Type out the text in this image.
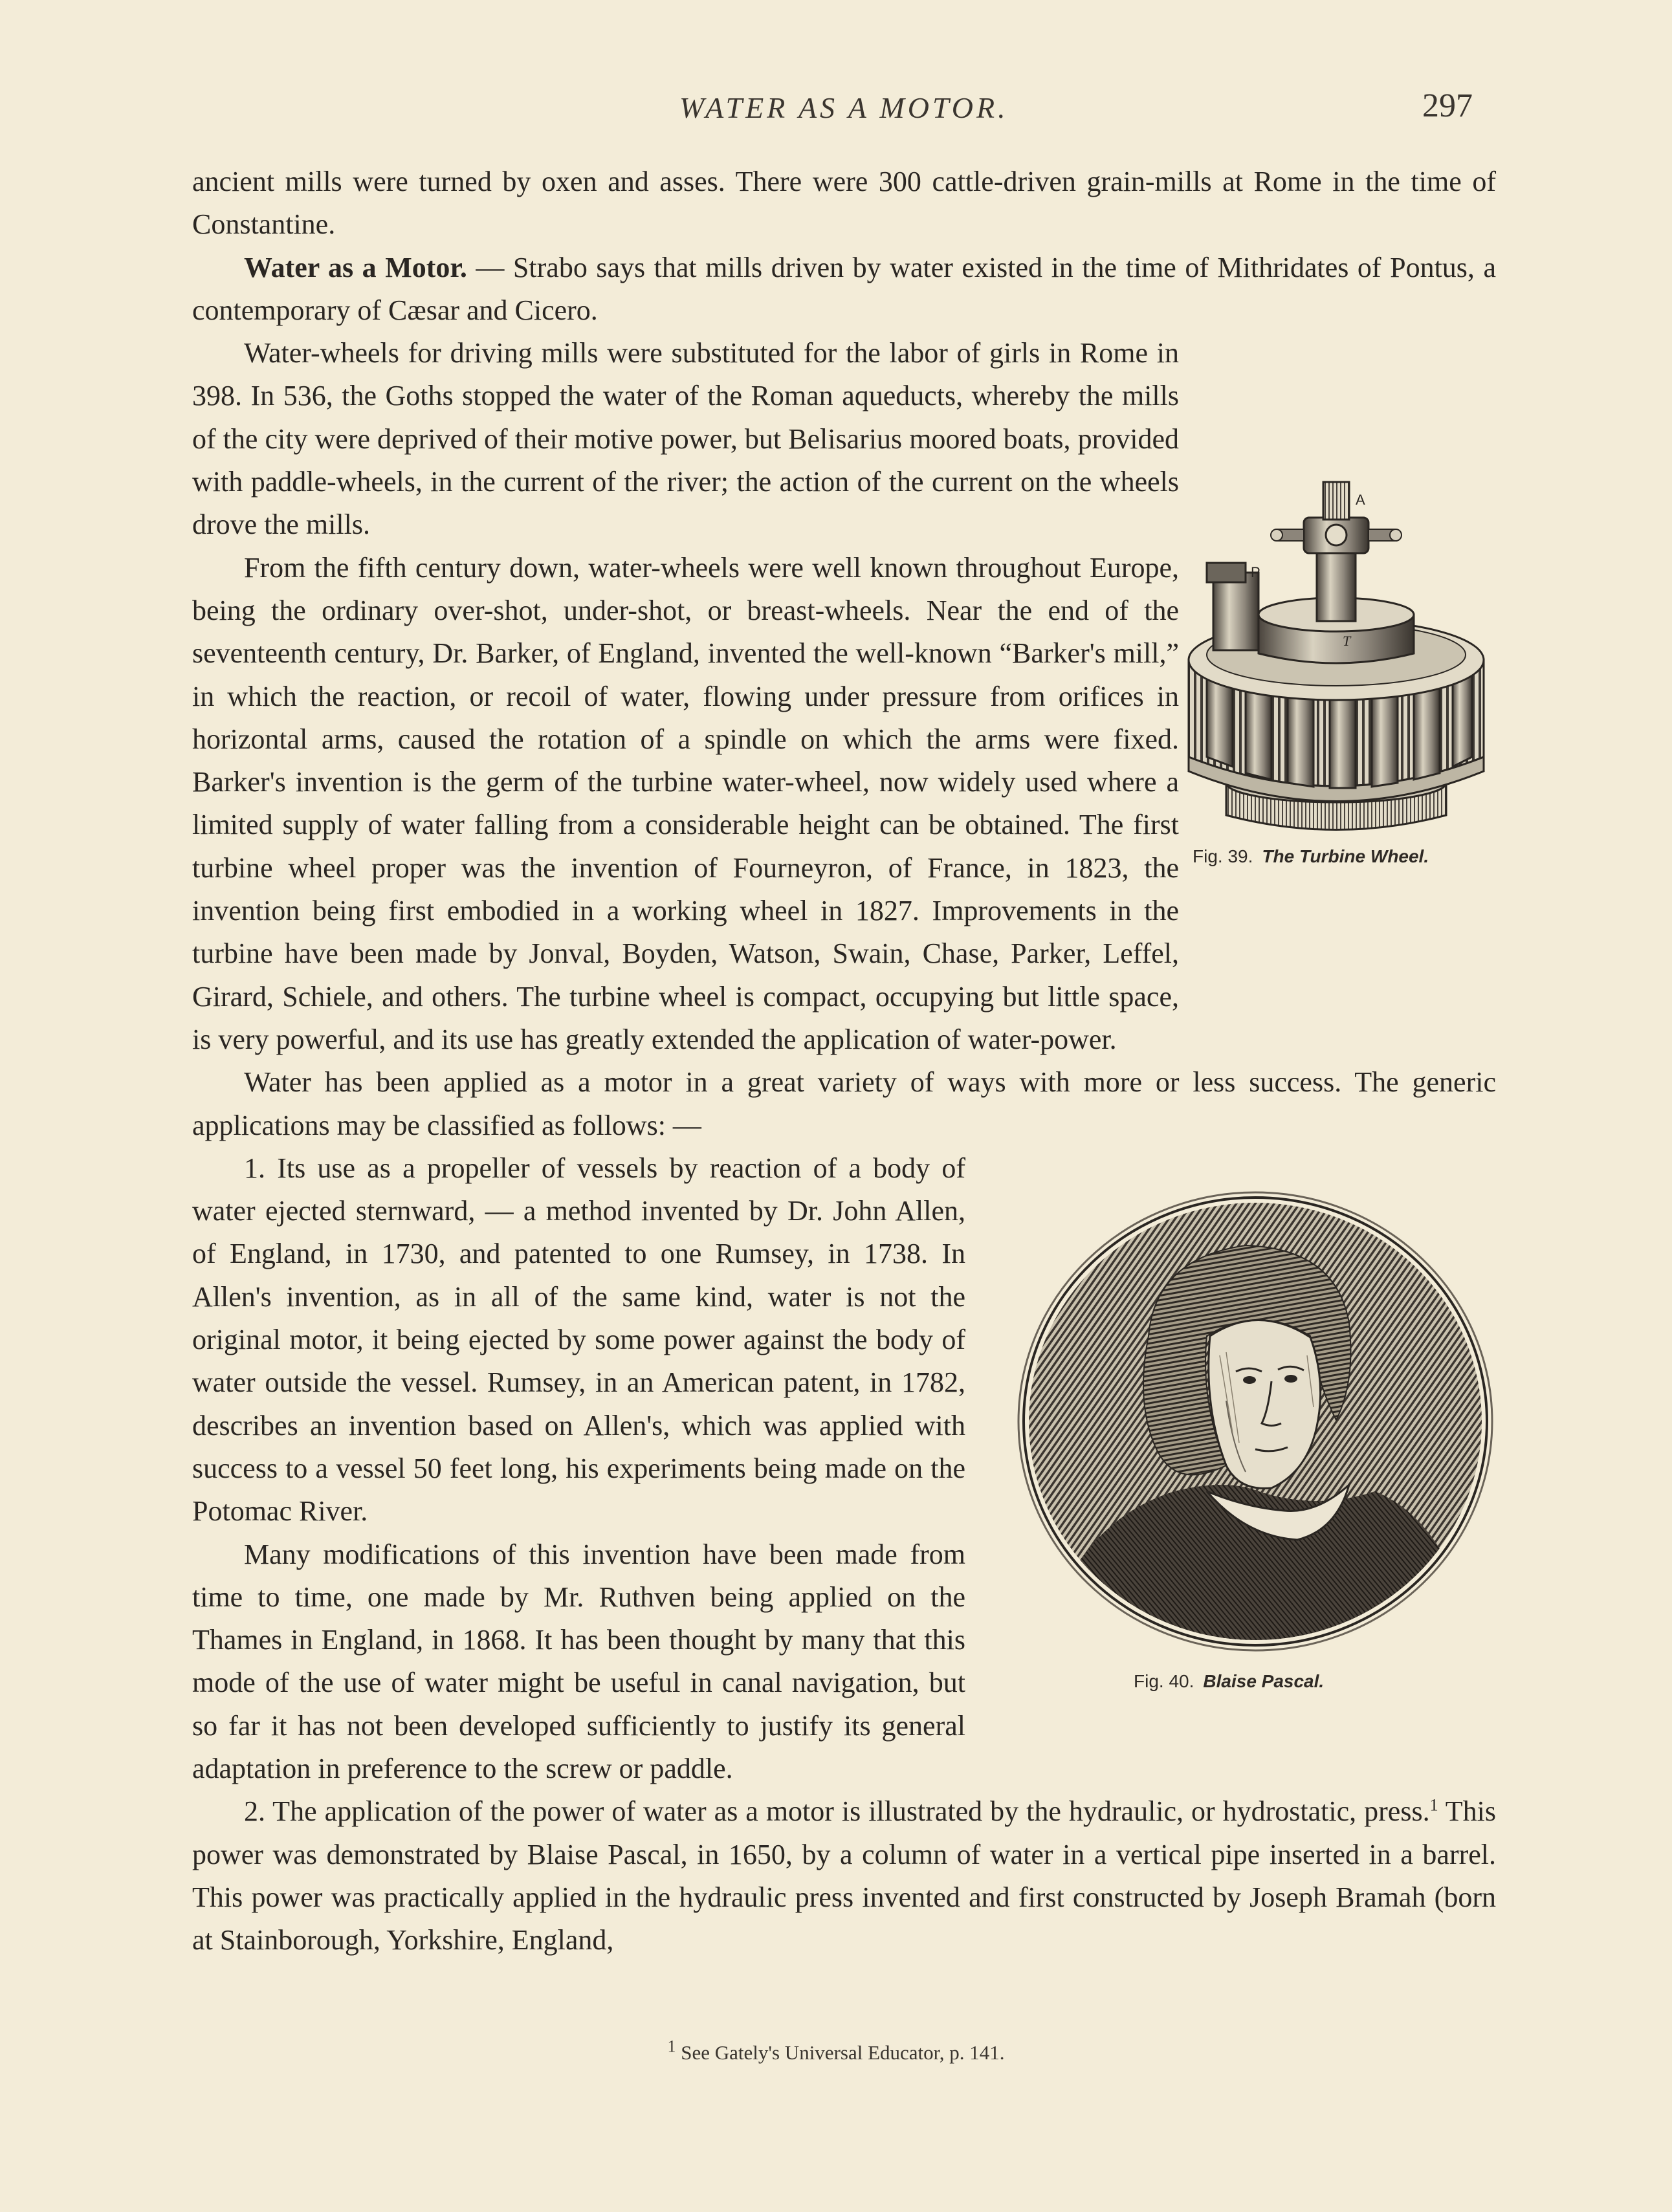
WATER AS A MOTOR.	297

ancient mills were turned by oxen and asses. There were 300 cattle-driven grain-mills at Rome in the time of Constantine.

Water as a Motor. — Strabo says that mills driven by water existed in the time of Mithridates of Pontus, a contemporary of Cæsar and Cicero.

Water-wheels for driving mills were substituted for the labor of girls in Rome in 398. In 536, the Goths stopped the water of the Roman aqueducts, whereby the mills of the city were deprived of their motive power, but Belisarius moored boats, provided with paddle-wheels, in the current of the river; the action of the current on the wheels drove the mills.

From the fifth century down, water-wheels were well known throughout Europe, being the ordinary over-shot, under-shot, or breast-wheels. Near the end of the seventeenth century, Dr. Barker, of England, invented the well-known “Barker's mill,” in which the reaction, or recoil of water, flowing under pressure from orifices in horizontal arms, caused the rotation of a spindle on which the arms were fixed. Barker's invention is the germ of the turbine water-wheel, now widely used where a limited supply of water falling from a considerable height can be obtained. The first turbine wheel proper was the invention of Fourneyron, of France, in 1823, the invention being first embodied in a working wheel in 1827. Improvements in the turbine have been made by Jonval, Boyden, Watson, Swain, Chase, Parker, Leffel, Girard, Schiele, and others. The turbine wheel is compact, occupying but little space, is very powerful, and its use has greatly extended the application of water-power.

Water has been applied as a motor in a great variety of ways with more or less success. The generic applications may be classified as follows: —

1. Its use as a propeller of vessels by reaction of a body of water ejected sternward, — a method invented by Dr. John Allen, of England, in 1730, and patented to one Rumsey, in 1738. In Allen's invention, as in all of the same kind, water is not the original motor, it being ejected by some power against the body of water outside the vessel. Rumsey, in an American patent, in 1782, describes an invention based on Allen's, which was applied with success to a vessel 50 feet long, his experiments being made on the Potomac River.

Many modifications of this invention have been made from time to time, one made by Mr. Ruthven being applied on the Thames in England, in 1868. It has been thought by many that this mode of the use of water might be useful in canal navigation, but so far it has not been developed sufficiently to justify its general adaptation in preference to the screw or paddle.

2. The application of the power of water as a motor is illustrated by the hydraulic, or hydrostatic, press.$^1$ This power was demonstrated by Blaise Pascal, in 1650, by a column of water in a vertical pipe inserted in a barrel. This power was practically applied in the hydraulic press invented and first constructed by Joseph Bramah (born at Stainborough, Yorkshire, England,

A
P
T
Fig. 39. The Turbine Wheel.
Fig. 40. Blaise Pascal.
$^1$ See Gately's Universal Educator, p. 141.
